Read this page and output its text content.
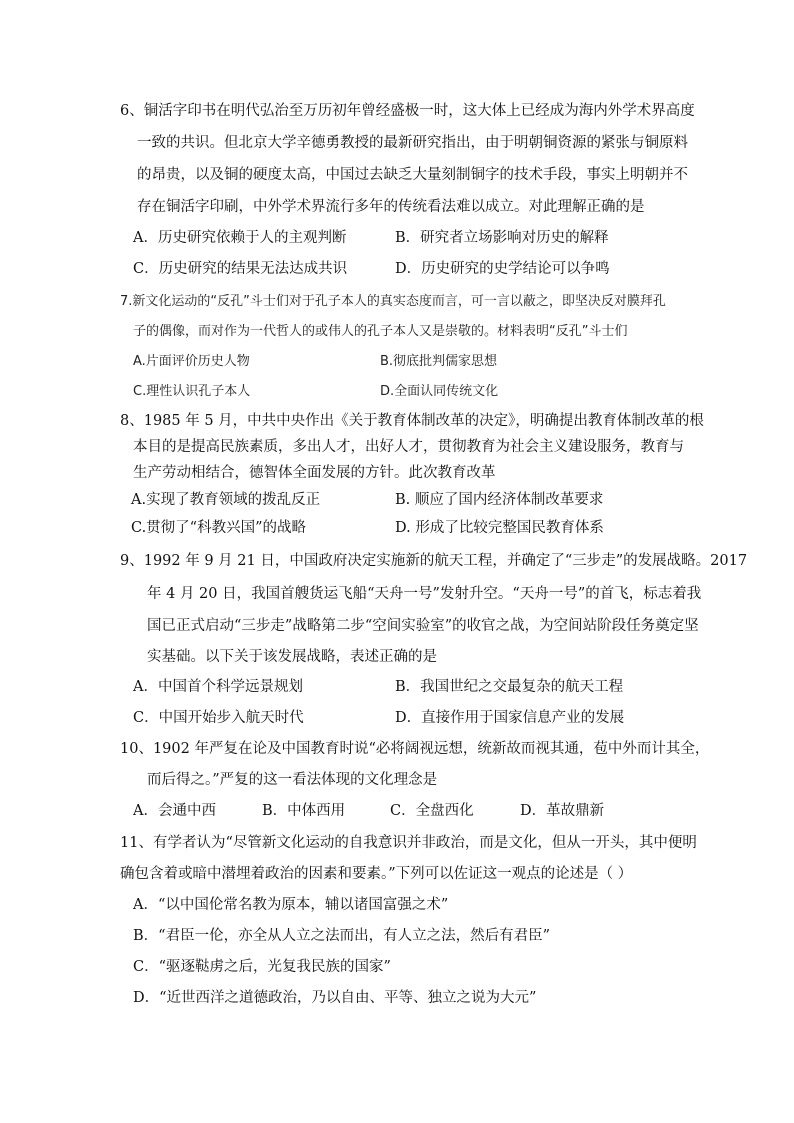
6、铜活字印书在明代弘治至万历初年曾经盛极一时，这大体上已经成为海内外学术界高度
一致的共识。但北京大学辛德勇教授的最新研究指出，由于明朝铜资源的紧张与铜原料
的昂贵，以及铜的硬度太高，中国过去缺乏大量刻制铜字的技术手段，事实上明朝并不
存在铜活字印刷，中外学术界流行多年的传统看法难以成立。对此理解正确的是
A．历史研究依赖于人的主观判断	B．研究者立场影响对历史的解释
C．历史研究的结果无法达成共识	D．历史研究的史学结论可以争鸣
7.新文化运动的“反孔”斗士们对于孔子本人的真实态度而言，可一言以蔽之，即坚决反对膜拜孔
子的偶像，而对作为一代哲人的或伟人的孔子本人又是崇敬的。材料表明“反孔”斗士们
A.片面评价历史人物	B.彻底批判儒家思想
C.理性认识孔子本人	D.全面认同传统文化
8、1985 年 5 月，中共中央作出《关于教育体制改革的决定》，明确提出教育体制改革的根
本目的是提高民族素质，多出人才，出好人才，贯彻教育为社会主义建设服务，教育与
生产劳动相结合，德智体全面发展的方针。此次教育改革
A.实现了教育领域的拨乱反正	B. 顺应了国内经济体制改革要求
C.贯彻了“科教兴国”的战略	D. 形成了比较完整国民教育体系
9、1992 年 9 月 21 日，中国政府决定实施新的航天工程，并确定了“三步走”的发展战略。2017
年 4 月 20 日，我国首艘货运飞船“天舟一号”发射升空。“天舟一号”的首飞，标志着我
国已正式启动“三步走”战略第二步“空间实验室”的收官之战，为空间站阶段任务奠定坚
实基础。以下关于该发展战略，表述正确的是
A．中国首个科学远景规划	B．我国世纪之交最复杂的航天工程
C．中国开始步入航天时代	D．直接作用于国家信息产业的发展
10、1902 年严复在论及中国教育时说“必将阔视远想，统新故而视其通，苞中外而计其全，
而后得之。”严复的这一看法体现的文化理念是
A．会通中西	B．中体西用	C．全盘西化	D．革故鼎新
11、有学者认为“尽管新文化运动的自我意识并非政治，而是文化，但从一开头，其中便明
确包含着或暗中潜埋着政治的因素和要素。”下列可以佐证这一观点的论述是（ ）
A．“以中国伦常名教为原本，辅以诸国富强之术”
B．“君臣一伦，亦全从人立之法而出，有人立之法，然后有君臣”
C．“驱逐鞑虏之后，光复我民族的国家”
D．“近世西洋之道德政治，乃以自由、平等、独立之说为大元”
